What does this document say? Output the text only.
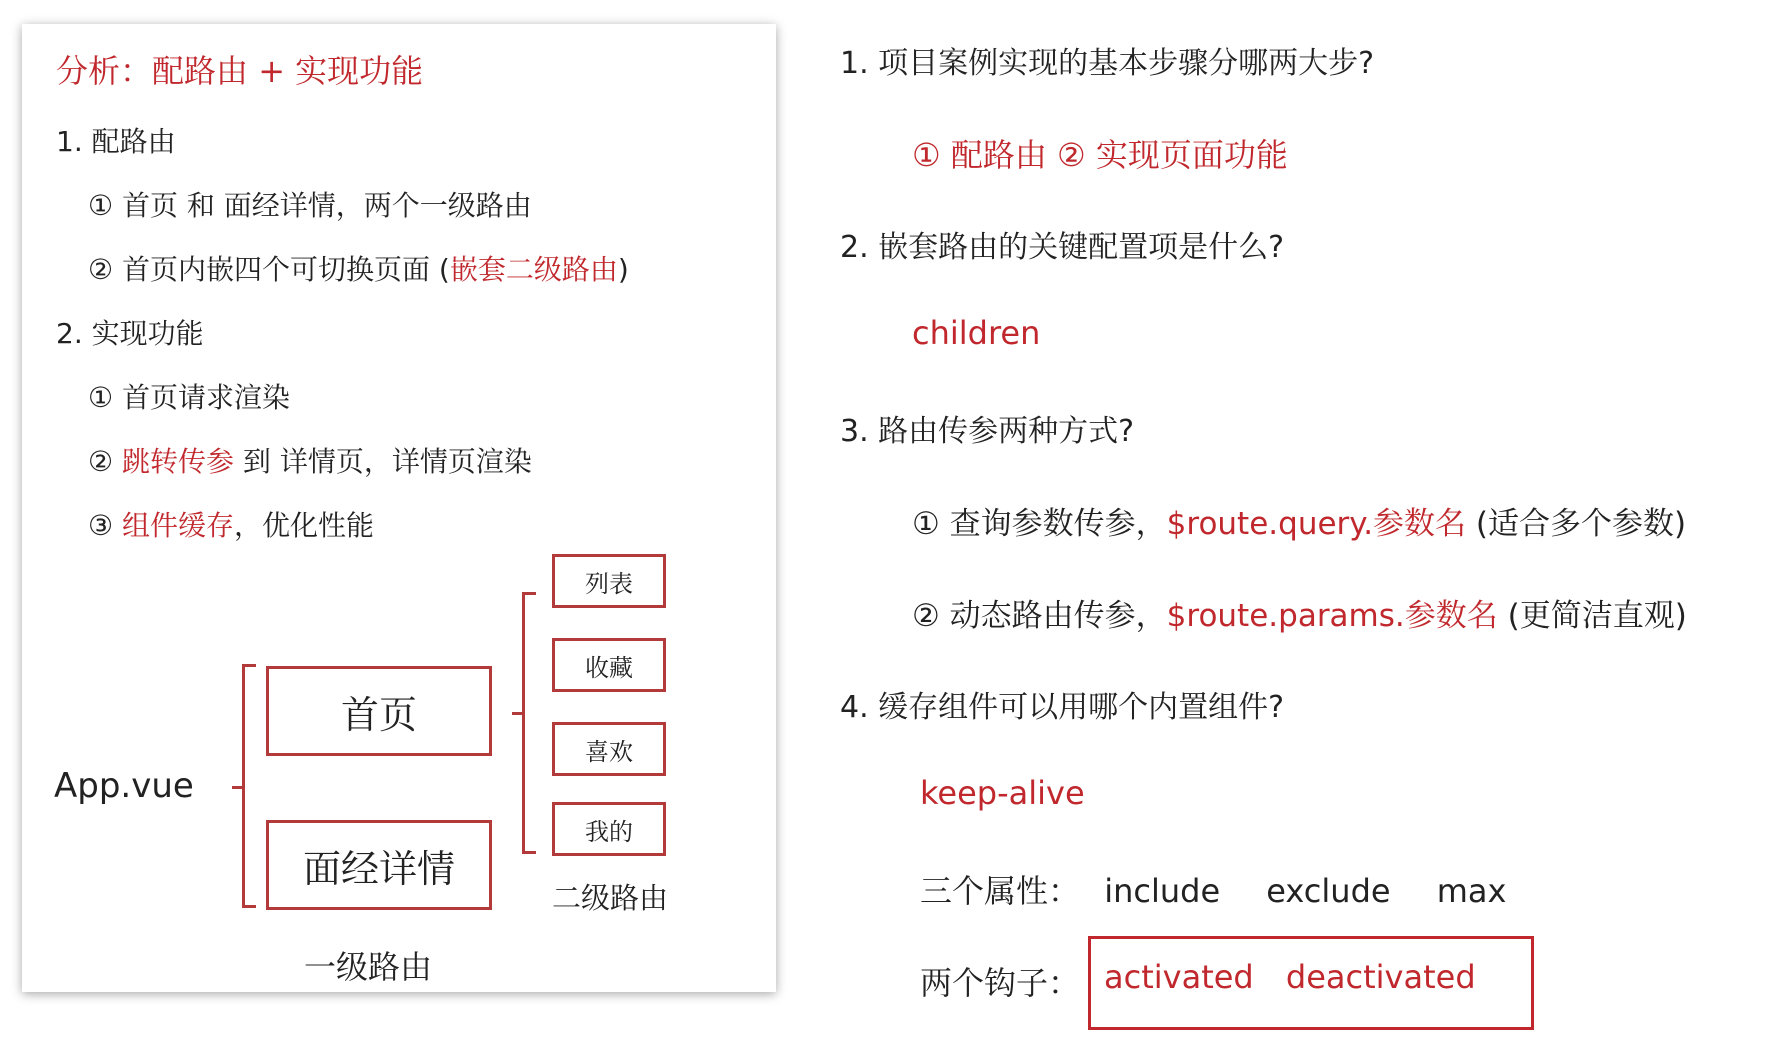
分析：配路由 + 实现功能
1. 配路由
① 首页 和 面经详情，两个一级路由
② 首页内嵌四个可切换页面 (嵌套二级路由)
2. 实现功能
① 首页请求渲染
② 跳转传参 到 详情页，详情页渲染
③ 组件缓存，优化性能
App.vue
首页
面经详情
一级路由
列表
收藏
喜欢
我的
二级路由
1. 项目案例实现的基本步骤分哪两大步?
① 配路由 ② 实现页面功能
2. 嵌套路由的关键配置项是什么?
children
3. 路由传参两种方式?
① 查询参数传参，$route.query.参数名 (适合多个参数)
② 动态路由传参，$route.params.参数名 (更简洁直观)
4. 缓存组件可以用哪个内置组件?
keep-alive
三个属性： include exclude max
两个钩子： activated deactivated
